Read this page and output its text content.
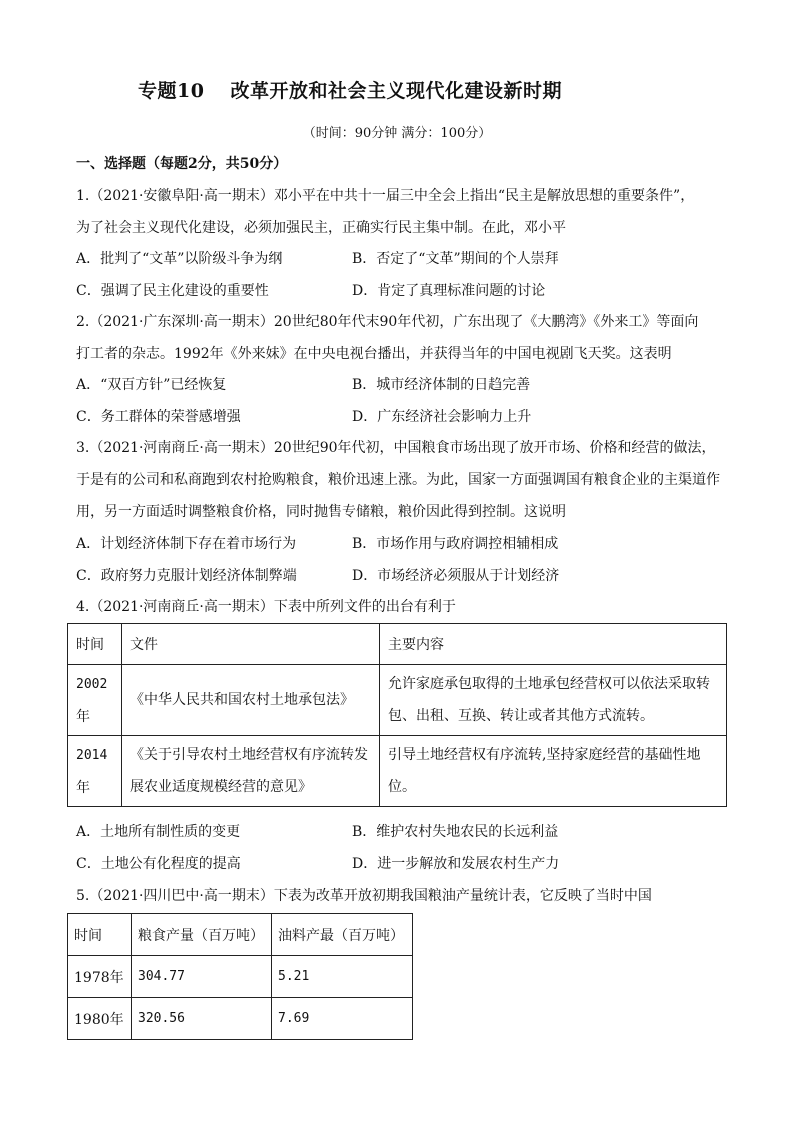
专题10 改革开放和社会主义现代化建设新时期
（时间：90分钟 满分：100分）
一、选择题（每题2分，共50分）
1.（2021·安徽阜阳·高一期末）邓小平在中共十一届三中全会上指出“民主是解放思想的重要条件”，
为了社会主义现代化建设，必须加强民主，正确实行民主集中制。在此，邓小平
A．批判了“文革”以阶级斗争为纲	B．否定了“文革”期间的个人崇拜
C．强调了民主化建设的重要性	D．肯定了真理标准问题的讨论
2.（2021·广东深圳·高一期末）20世纪80年代末90年代初，广东出现了《大鹏湾》《外来工》等面向
打工者的杂志。1992年《外来妹》在中央电视台播出，并获得当年的中国电视剧飞天奖。这表明
A．“双百方针”已经恢复	B．城市经济体制的日趋完善
C．务工群体的荣誉感增强	D．广东经济社会影响力上升
3.（2021·河南商丘·高一期末）20世纪90年代初，中国粮食市场出现了放开市场、价格和经营的做法，
于是有的公司和私商跑到农村抢购粮食，粮价迅速上涨。为此，国家一方面强调国有粮食企业的主渠道作
用，另一方面适时调整粮食价格，同时抛售专储粮，粮价因此得到控制。这说明
A．计划经济体制下存在着市场行为	B．市场作用与政府调控相辅相成
C．政府努力克服计划经济体制弊端	D．市场经济必须服从于计划经济
4.（2021·河南商丘·高一期末）下表中所列文件的出台有利于
时间	文件	主要内容
2002
年	《中华人民共和国农村土地承包法》	允许家庭承包取得的土地承包经营权可以依法采取转
包、出租、互换、转让或者其他方式流转。
2014
年	《关于引导农村土地经营权有序流转发
展农业适度规模经营的意见》	引导土地经营权有序流转,坚持家庭经营的基础性地位。
A．土地所有制性质的变更	B．维护农村失地农民的长远利益
C．土地公有化程度的提高	D．进一步解放和发展农村生产力
5.（2021·四川巴中·高一期末）下表为改革开放初期我国粮油产量统计表，它反映了当时中国
时间	粮食产量（百万吨）	油料产最（百万吨）
1978年	304.77	5.21
1980年	320.56	7.69
